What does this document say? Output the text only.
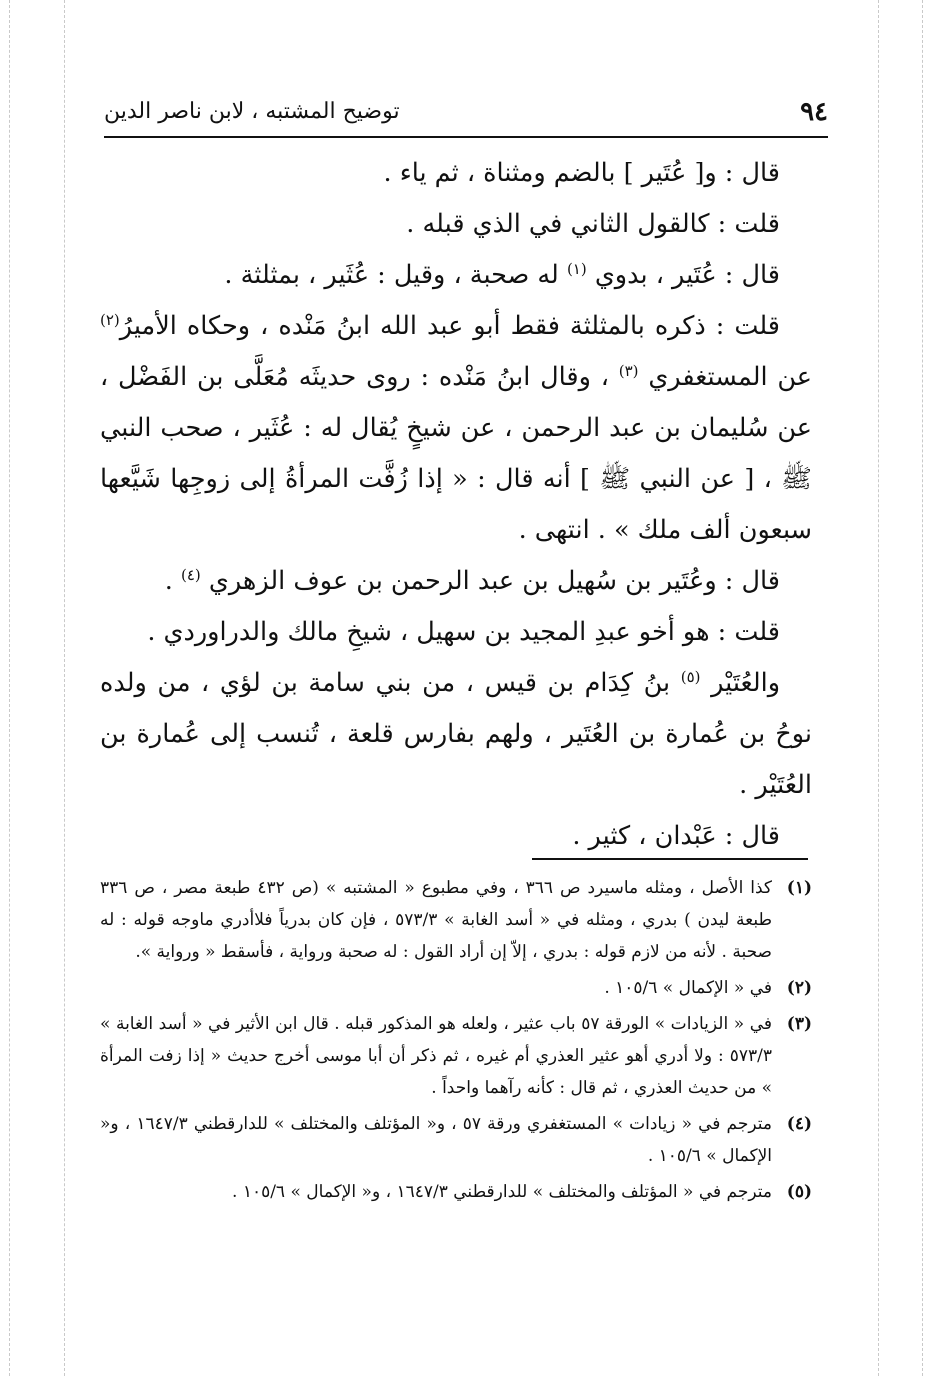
٩٤
توضيح المشتبه ، لابن ناصر الدين

قال : و[ عُتَير ] بالضم ومثناة ، ثم ياء .

قلت : كالقول الثاني في الذي قبله .

قال : عُتَير ، بدوي $^{(١)}$ له صحبة ، وقيل : عُثَير ، بمثلثة .

قلت : ذكره بالمثلثة فقط أبو عبد الله ابنُ مَنْده ، وحكاه الأميرُ$^{(٢)}$ عن المستغفري $^{(٣)}$ ، وقال ابنُ مَنْده : روى حديثَه مُعَلَّى بن الفَضْل ، عن سُليمان بن عبد الرحمن ، عن شيخٍ يُقال له : عُثَير ، صحب النبي ﷺ ، [ عن النبي ﷺ ] أنه قال : « إذا زُفَّت المرأةُ إلى زوجِها شَيَّعها سبعون ألف ملك » . انتهى .

قال : وعُتَير بن سُهيل بن عبد الرحمن بن عوف الزهري $^{(٤)}$ .

قلت : هو أخو عبدِ المجيد بن سهيل ، شيخِ مالك والدراوردي .

والعُتَيْر $^{(٥)}$ بنُ كِدَام بن قيس ، من بني سامة بن لؤي ، من ولده نوحُ بن عُمارة بن العُتَير ، ولهم بفارس قلعة ، تُنسب إلى عُمارة بن العُتَيْر .

قال : عَبْدان ، كثير .

(١)
كذا الأصل ، ومثله ماسيرد ص ٣٦٦ ، وفي مطبوع « المشتبه » (ص ٤٣٢ طبعة مصر ، ص ٣٣٦ طبعة ليدن ) بدري ، ومثله في « أسد الغابة » ٥٧٣/٣ ، فإن كان بدرياً فلاأدري ماوجه قوله : له صحبة . لأنه من لازم قوله : بدري ، إلاّ إن أراد القول : له صحبة ورواية ، فأسقط « ورواية ».
(٢)
في « الإكمال » ١٠٥/٦ .
(٣)
في « الزيادات » الورقة ٥٧ باب عثير ، ولعله هو المذكور قبله . قال ابن الأثير في « أسد الغابة » ٥٧٣/٣ : ولا أدري أهو عثير العذري أم غيره ، ثم ذكر أن أبا موسى أخرج حديث « إذا زفت المرأة » من حديث العذري ، ثم قال : كأنه رآهما واحداً .
(٤)
مترجم في « زيادات » المستغفري ورقة ٥٧ ، و« المؤتلف والمختلف » للدارقطني ١٦٤٧/٣ ، و« الإكمال » ١٠٥/٦ .
(٥)
مترجم في « المؤتلف والمختلف » للدارقطني ١٦٤٧/٣ ، و« الإكمال » ١٠٥/٦ .
